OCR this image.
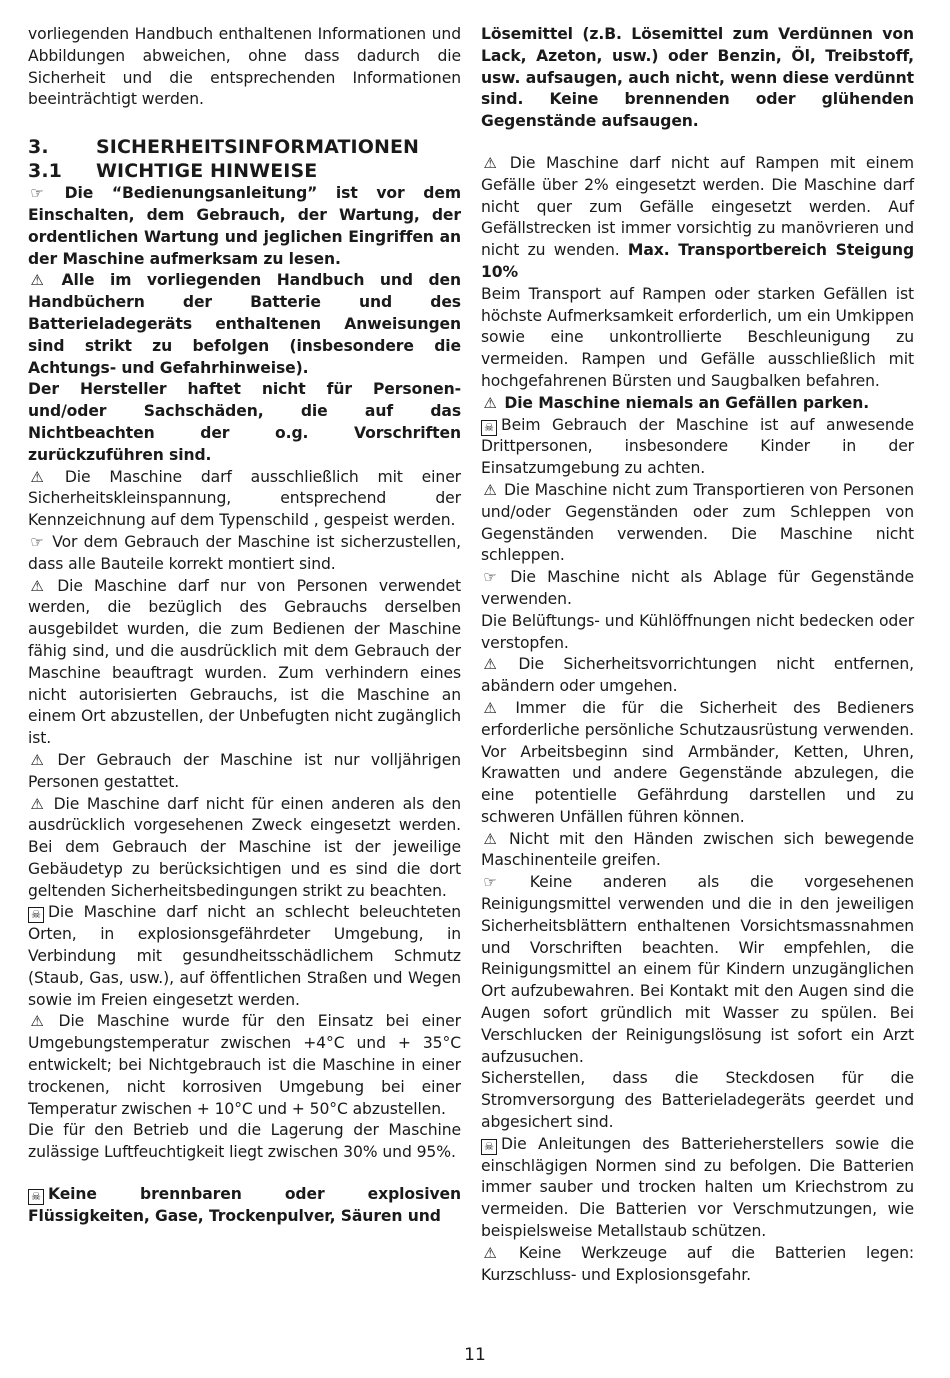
vorliegenden Handbuch enthaltenen Informationen und Abbildungen abweichen, ohne dass dadurch die Sicherheit und die entsprechenden Informationen beeinträchtigt werden.

3. SICHERHEITSINFORMATIONEN

3.1 WICHTIGE HINWEISE

☞ Die “Bedienungsanleitung” ist vor dem Einschalten, dem Gebrauch, der Wartung, der ordentlichen Wartung und jeglichen Eingriffen an der Maschine aufmerksam zu lesen.

⚠ Alle im vorliegenden Handbuch und den Handbüchern der Batterie und des Batterieladegeräts enthaltenen Anweisungen sind strikt zu befolgen (insbesondere die Achtungs- und Gefahrhinweise).

Der Hersteller haftet nicht für Personen- und/oder Sachschäden, die auf das Nichtbeachten der o.g. Vorschriften zurückzuführen sind.

⚠ Die Maschine darf ausschließlich mit einer Sicherheitskleinspannung, entsprechend der Kennzeichnung auf dem Typenschild , gespeist werden.

☞ Vor dem Gebrauch der Maschine ist sicherzustellen, dass alle Bauteile korrekt montiert sind.

⚠ Die Maschine darf nur von Personen verwendet werden, die bezüglich des Gebrauchs derselben ausgebildet wurden, die zum Bedienen der Maschine fähig sind, und die ausdrücklich mit dem Gebrauch der Maschine beauftragt wurden. Zum verhindern eines nicht autorisierten Gebrauchs, ist die Maschine an einem Ort abzustellen, der Unbefugten nicht zugänglich ist.

⚠ Der Gebrauch der Maschine ist nur volljährigen Personen gestattet.

⚠ Die Maschine darf nicht für einen anderen als den ausdrücklich vorgesehenen Zweck eingesetzt werden. Bei dem Gebrauch der Maschine ist der jeweilige Gebäudetyp zu berücksichtigen und es sind die dort geltenden Sicherheitsbedingungen strikt zu beachten.

☠ Die Maschine darf nicht an schlecht beleuchteten Orten, in explosionsgefährdeter Umgebung, in Verbindung mit gesundheitsschädlichem Schmutz (Staub, Gas, usw.), auf öffentlichen Straßen und Wegen sowie im Freien eingesetzt werden.

⚠ Die Maschine wurde für den Einsatz bei einer Umgebungstemperatur zwischen +4°C und + 35°C entwickelt; bei Nichtgebrauch ist die Maschine in einer trockenen, nicht korrosiven Umgebung bei einer Temperatur zwischen + 10°C und + 50°C abzustellen.

Die für den Betrieb und die Lagerung der Maschine zulässige Luftfeuchtigkeit liegt zwischen 30% und 95%.

☠ Keine brennbaren oder explosiven Flüssigkeiten, Gase, Trockenpulver, Säuren und

Lösemittel (z.B. Lösemittel zum Verdünnen von Lack, Azeton, usw.) oder Benzin, Öl, Treibstoff, usw. aufsaugen, auch nicht, wenn diese verdünnt sind. Keine brennenden oder glühenden Gegenstände aufsaugen.

⚠ Die Maschine darf nicht auf Rampen mit einem Gefälle über 2% eingesetzt werden. Die Maschine darf nicht quer zum Gefälle eingesetzt werden. Auf Gefällstrecken ist immer vorsichtig zu manövrieren und nicht zu wenden. Max. Transportbereich Steigung 10%

Beim Transport auf Rampen oder starken Gefällen ist höchste Aufmerksamkeit erforderlich, um ein Umkippen sowie eine unkontrollierte Beschleunigung zu vermeiden. Rampen und Gefälle ausschließlich mit hochgefahrenen Bürsten und Saugbalken befahren.

⚠ Die Maschine niemals an Gefällen parken.

☠ Beim Gebrauch der Maschine ist auf anwesende Drittpersonen, insbesondere Kinder in der Einsatzumgebung zu achten.

⚠ Die Maschine nicht zum Transportieren von Personen und/oder Gegenständen oder zum Schleppen von Gegenständen verwenden. Die Maschine nicht schleppen.

☞ Die Maschine nicht als Ablage für Gegenstände verwenden.

Die Belüftungs- und Kühlöffnungen nicht bedecken oder verstopfen.

⚠ Die Sicherheitsvorrichtungen nicht entfernen, abändern oder umgehen.

⚠ Immer die für die Sicherheit des Bedieners erforderliche persönliche Schutzausrüstung verwenden. Vor Arbeitsbeginn sind Armbänder, Ketten, Uhren, Krawatten und andere Gegenstände abzulegen, die eine potentielle Gefährdung darstellen und zu schweren Unfällen führen können.

⚠ Nicht mit den Händen zwischen sich bewegende Maschinenteile greifen.

☞ Keine anderen als die vorgesehenen Reinigungsmittel verwenden und die in den jeweiligen Sicherheitsblättern enthaltenen Vorsichtsmassnahmen und Vorschriften beachten. Wir empfehlen, die Reinigungsmittel an einem für Kindern unzugänglichen Ort aufzubewahren. Bei Kontakt mit den Augen sind die Augen sofort gründlich mit Wasser zu spülen. Bei Verschlucken der Reinigungslösung ist sofort ein Arzt aufzusuchen.

Sicherstellen, dass die Steckdosen für die Stromversorgung des Batterieladegeräts geerdet und abgesichert sind.

☠ Die Anleitungen des Batterieherstellers sowie die einschlägigen Normen sind zu befolgen. Die Batterien immer sauber und trocken halten um Kriechstrom zu vermeiden. Die Batterien vor Verschmutzungen, wie beispielsweise Metallstaub schützen.

⚠ Keine Werkzeuge auf die Batterien legen: Kurzschluss- und Explosionsgefahr.

11
